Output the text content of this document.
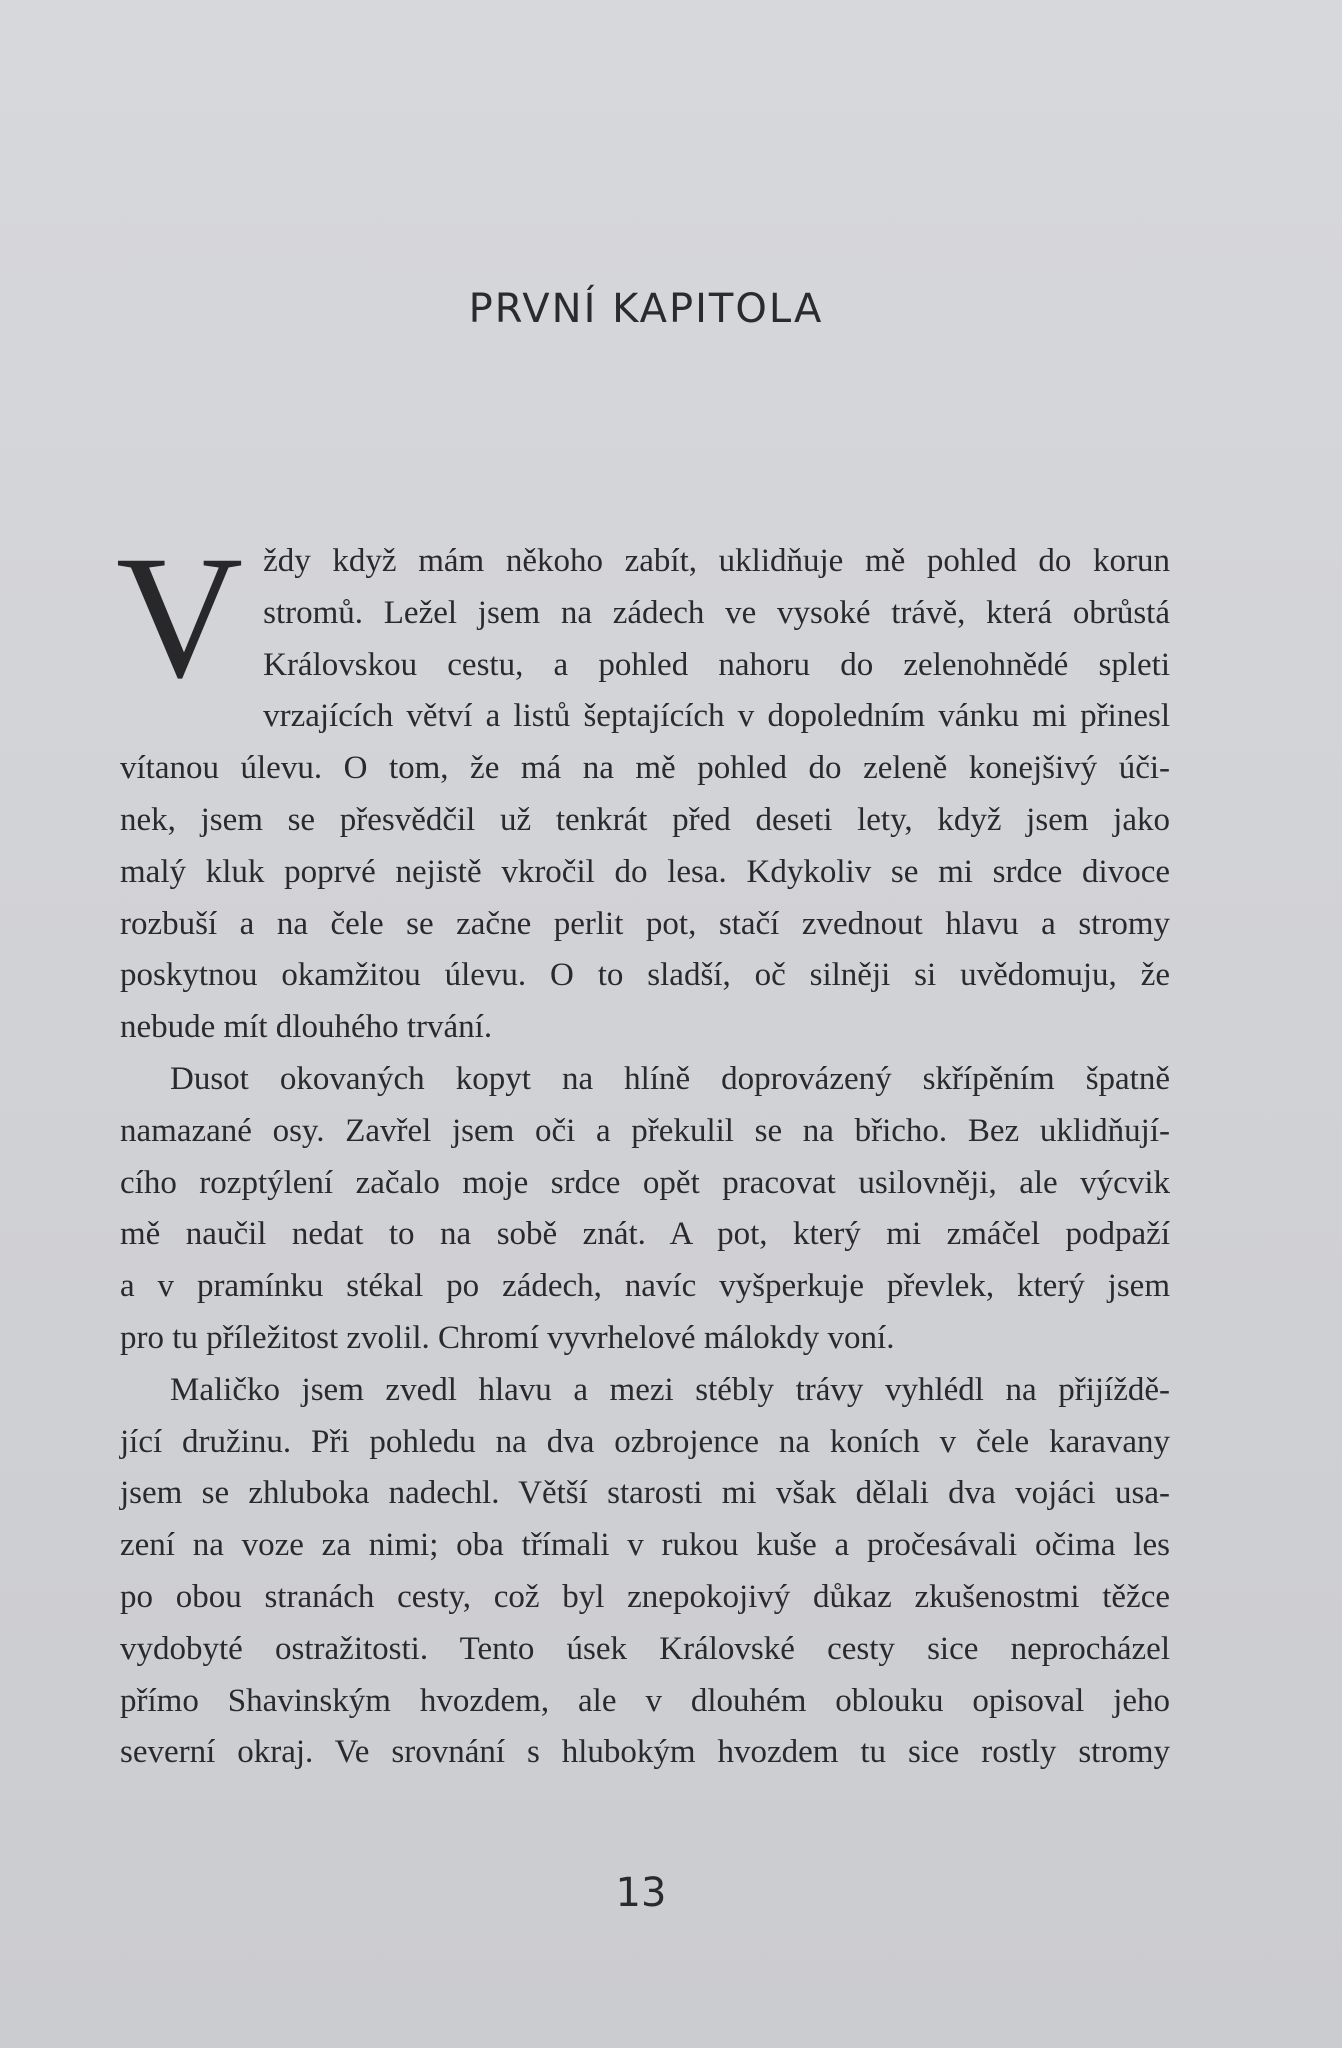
PRVNÍ KAPITOLA

V ždy když mám někoho zabít, uklidňuje mě pohled do korun
stromů. Ležel jsem na zádech ve vysoké trávě, která obrůstá
Královskou cestu, a pohled nahoru do zelenohnědé spleti
vrzajících větví a listů šeptajících v dopoledním vánku mi přinesl
vítanou úlevu. O tom, že má na mě pohled do zeleně konejšivý úči-
nek, jsem se přesvědčil už tenkrát před deseti lety, když jsem jako
malý kluk poprvé nejistě vkročil do lesa. Kdykoliv se mi srdce divoce
rozbuší a na čele se začne perlit pot, stačí zvednout hlavu a stromy
poskytnou okamžitou úlevu. O to sladší, oč silněji si uvědomuju, že
nebude mít dlouhého trvání.

Dusot okovaných kopyt na hlíně doprovázený skřípěním špatně
namazané osy. Zavřel jsem oči a překulil se na břicho. Bez uklidňují-
cího rozptýlení začalo moje srdce opět pracovat usilovněji, ale výcvik
mě naučil nedat to na sobě znát. A pot, který mi zmáčel podpaží
a v pramínku stékal po zádech, navíc vyšperkuje převlek, který jsem
pro tu příležitost zvolil. Chromí vyvrhelové málokdy voní.

Maličko jsem zvedl hlavu a mezi stébly trávy vyhlédl na přijíždě-
jící družinu. Při pohledu na dva ozbrojence na koních v čele karavany
jsem se zhluboka nadechl. Větší starosti mi však dělali dva vojáci usa-
zení na voze za nimi; oba třímali v rukou kuše a pročesávali očima les
po obou stranách cesty, což byl znepokojivý důkaz zkušenostmi těžce
vydobyté ostražitosti. Tento úsek Královské cesty sice neprocházel
přímo Shavinským hvozdem, ale v dlouhém oblouku opisoval jeho
severní okraj. Ve srovnání s hlubokým hvozdem tu sice rostly stromy

13
